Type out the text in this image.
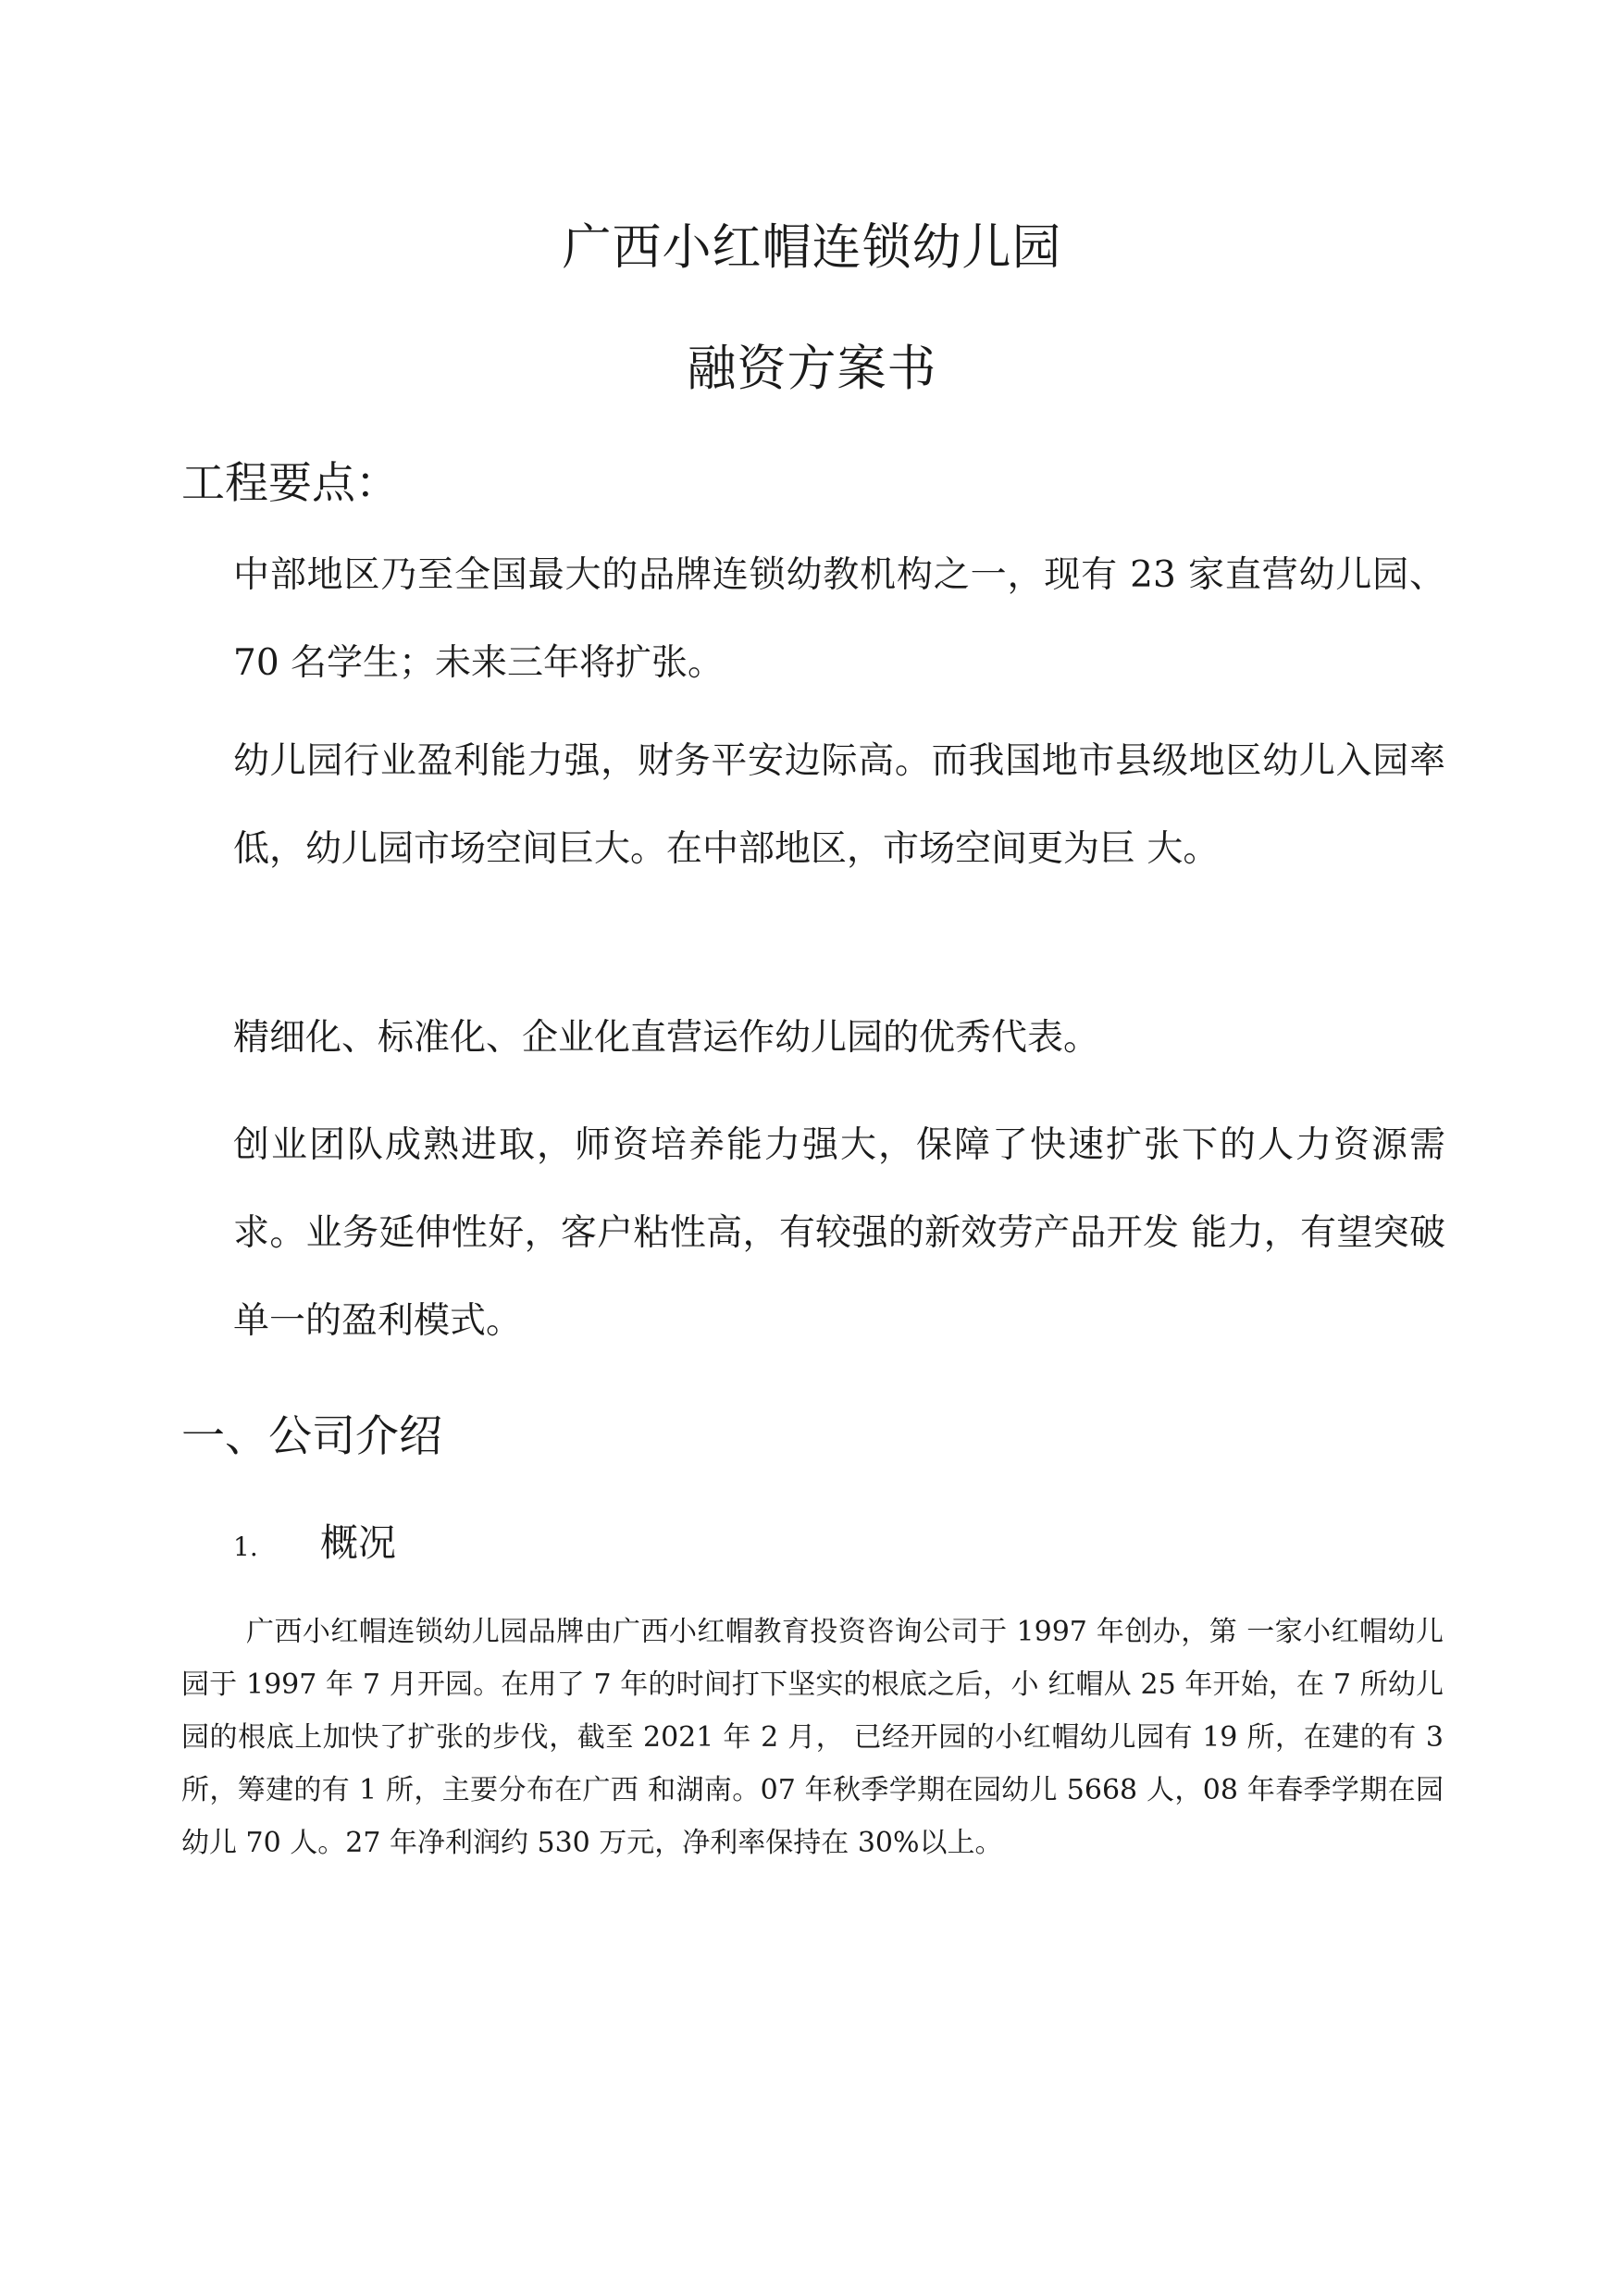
广西小红帽连锁幼儿园
融资方案书
工程要点：
中部地区乃至全国最大的品牌连锁幼教机构之一，现有 23 家直营幼儿园、70 名学生；未来三年将扩张。
幼儿园行业盈利能力强，财务平安边际高。而我国地市县级地区幼儿入园率低，幼儿园市场空间巨大。在中部地区，市场空间更为巨 大。
精细化、标准化、企业化直营运作幼儿园的优秀代表。
创业团队成熟进取，师资培养能力强大，保障了快速扩张下的人力资源需求。业务延伸性好，客户粘性高，有较强的新效劳产品开发 能力，有望突破单一的盈利模式。
一、公司介绍
1. 概况
广西小红帽连锁幼儿园品牌由广西小红帽教育投资咨询公司于 1997 年创办，第 一家小红帽幼儿园于 1997 年 7 月开园。在用了 7 年的时间打下坚实的根底之后，小 红帽从 25 年开始，在 7 所幼儿园的根底上加快了扩张的步伐，截至 2021 年 2 月， 已经开园的小红帽幼儿园有 19 所，在建的有 3 所，筹建的有 1 所，主要分布在广西 和湖南。07 年秋季学期在园幼儿 5668 人，08 年春季学期在园幼儿 70 人。27 年净利润约 530 万元，净利率保持在 30%以上。
